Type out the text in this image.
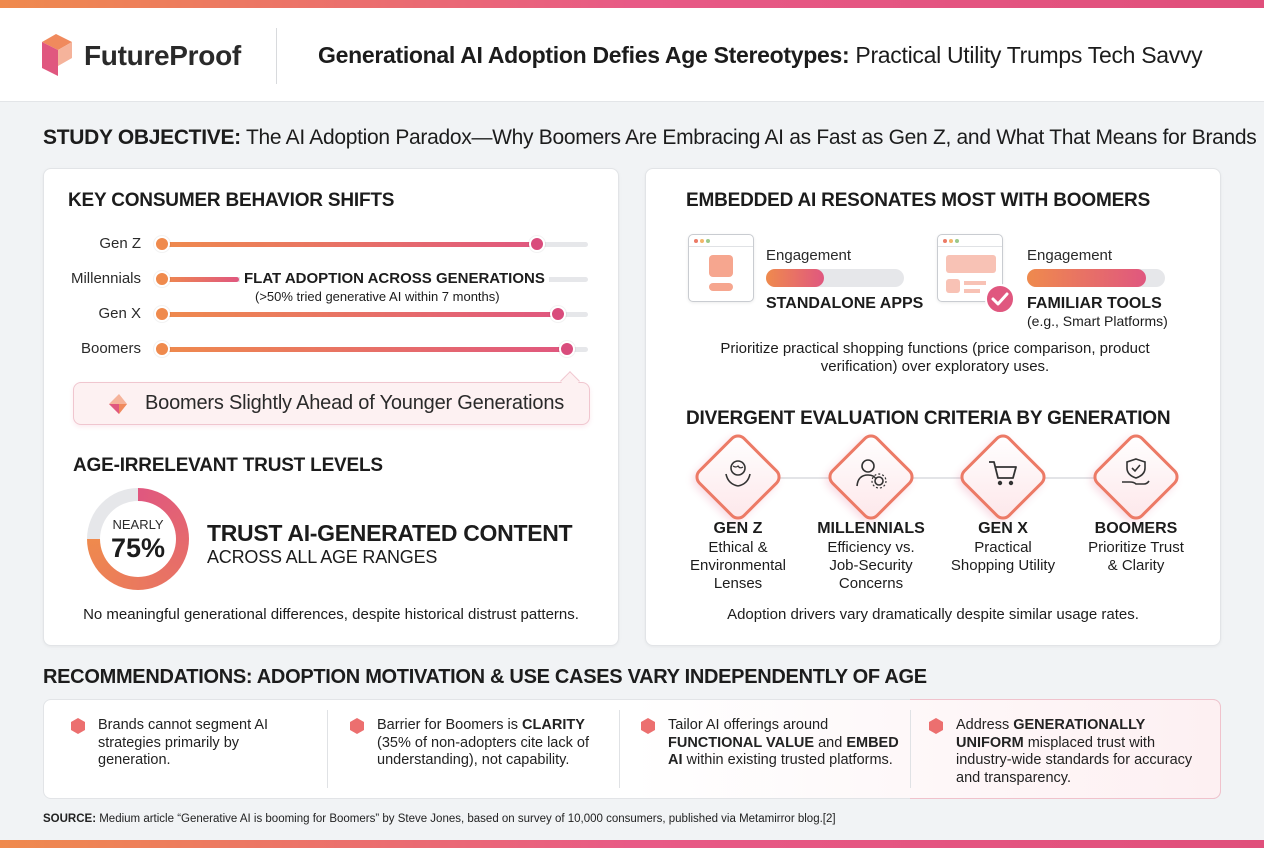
FutureProof	Generational AI Adoption Defies Age Stereotypes: Practical Utility Trumps Tech Savvy
STUDY OBJECTIVE: The AI Adoption Paradox—Why Boomers Are Embracing AI as Fast as Gen Z, and What That Means for Brands
KEY CONSUMER BEHAVIOR SHIFTS
Gen Z
Millennials
Gen X
Boomers
FLAT ADOPTION ACROSS GENERATIONS
(>50% tried generative AI within 7 months)
Boomers Slightly Ahead of Younger Generations
AGE-IRRELEVANT TRUST LEVELS
NEARLY
75%	TRUST AI-GENERATED CONTENT
ACROSS ALL AGE RANGES
No meaningful generational differences, despite historical distrust patterns.
EMBEDDED AI RESONATES MOST WITH BOOMERS
Engagement
STANDALONE APPS
Engagement
FAMILIAR TOOLS
(e.g., Smart Platforms)
Prioritize practical shopping functions (price comparison, product verification) over exploratory uses.
DIVERGENT EVALUATION CRITERIA BY GENERATION
GEN Z
Ethical & Environmental Lenses
MILLENNIALS
Efficiency vs. Job-Security Concerns
GEN X
Practical Shopping Utility
BOOMERS
Prioritize Trust & Clarity
Adoption drivers vary dramatically despite similar usage rates.
RECOMMENDATIONS: ADOPTION MOTIVATION & USE CASES VARY INDEPENDENTLY OF AGE
Brands cannot segment AI strategies primarily by generation.
Barrier for Boomers is CLARITY (35% of non-adopters cite lack of understanding), not capability.
Tailor AI offerings around FUNCTIONAL VALUE and EMBED AI within existing trusted platforms.
Address GENERATIONALLY UNIFORM misplaced trust with industry-wide standards for accuracy and transparency.
SOURCE: Medium article “Generative AI is booming for Boomers” by Steve Jones, based on survey of 10,000 consumers, published via Metamirror blog.[2]
